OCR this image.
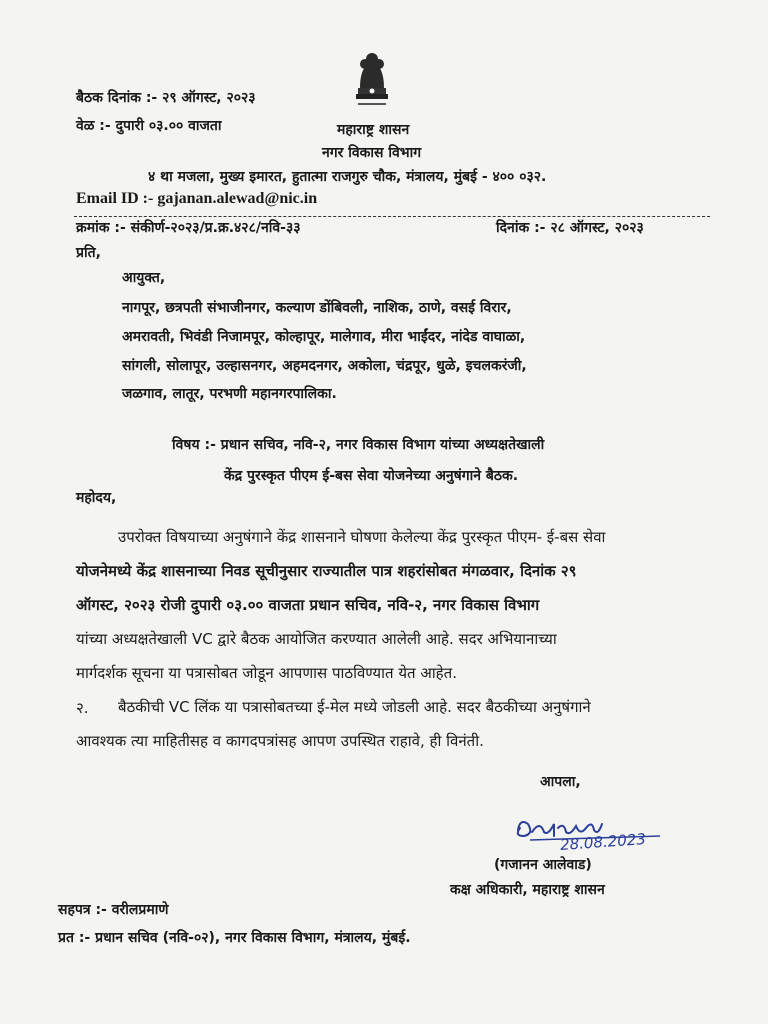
बैठक दिनांक :- २९ ऑगस्ट, २०२३
वेळ :- दुपारी ०३.०० वाजता	महाराष्ट्र शासन
नगर विकास विभाग
४ था मजला, मुख्य इमारत, हुतात्मा राजगुरु चौक, मंत्रालय, मुंबई - ४०० ०३२.
Email ID :- gajanan.alewad@nic.in
क्रमांक :- संकीर्ण-२०२३/प्र.क्र.४२८/नवि-३३	दिनांक :- २८ ऑगस्ट, २०२३
प्रति,
आयुक्त,
नागपूर, छत्रपती संभाजीनगर, कल्याण डोंबिवली, नाशिक, ठाणे, वसई विरार,
अमरावती, भिवंडी निजामपूर, कोल्हापूर, मालेगाव, मीरा भाईंदर, नांदेड वाघाळा,
सांगली, सोलापूर, उल्हासनगर, अहमदनगर, अकोला, चंद्रपूर, धुळे, इचलकरंजी,
जळगाव, लातूर, परभणी महानगरपालिका.
विषय :- प्रधान सचिव, नवि-२, नगर विकास विभाग यांच्या अध्यक्षतेखाली
केंद्र पुरस्कृत पीएम ई-बस सेवा योजनेच्या अनुषंगाने बैठक.
महोदय,
उपरोक्त विषयाच्या अनुषंगाने केंद्र शासनाने घोषणा केलेल्या केंद्र पुरस्कृत पीएम- ई-बस सेवा
योजनेमध्ये केंद्र शासनाच्या निवड सूचीनुसार राज्यातील पात्र शहरांसोबत मंगळवार, दिनांक २९
ऑगस्ट, २०२३ रोजी दुपारी ०३.०० वाजता प्रधान सचिव, नवि-२, नगर विकास विभाग
यांच्या अध्यक्षतेखाली VC द्वारे बैठक आयोजित करण्यात आलेली आहे. सदर अभियानाच्या
मार्गदर्शक सूचना या पत्रासोबत जोडून आपणास पाठविण्यात येत आहेत.
२.	बैठकीची VC लिंक या पत्रासोबतच्या ई-मेल मध्ये जोडली आहे. सदर बैठकीच्या अनुषंगाने
आवश्यक त्या माहितीसह व कागदपत्रांसह आपण उपस्थित राहावे, ही विनंती.
आपला,
28.08.2023
(गजानन आलेवाड)
कक्ष अधिकारी, महाराष्ट्र शासन
सहपत्र :- वरीलप्रमाणे
प्रत :- प्रधान सचिव (नवि-०२), नगर विकास विभाग, मंत्रालय, मुंबई.
